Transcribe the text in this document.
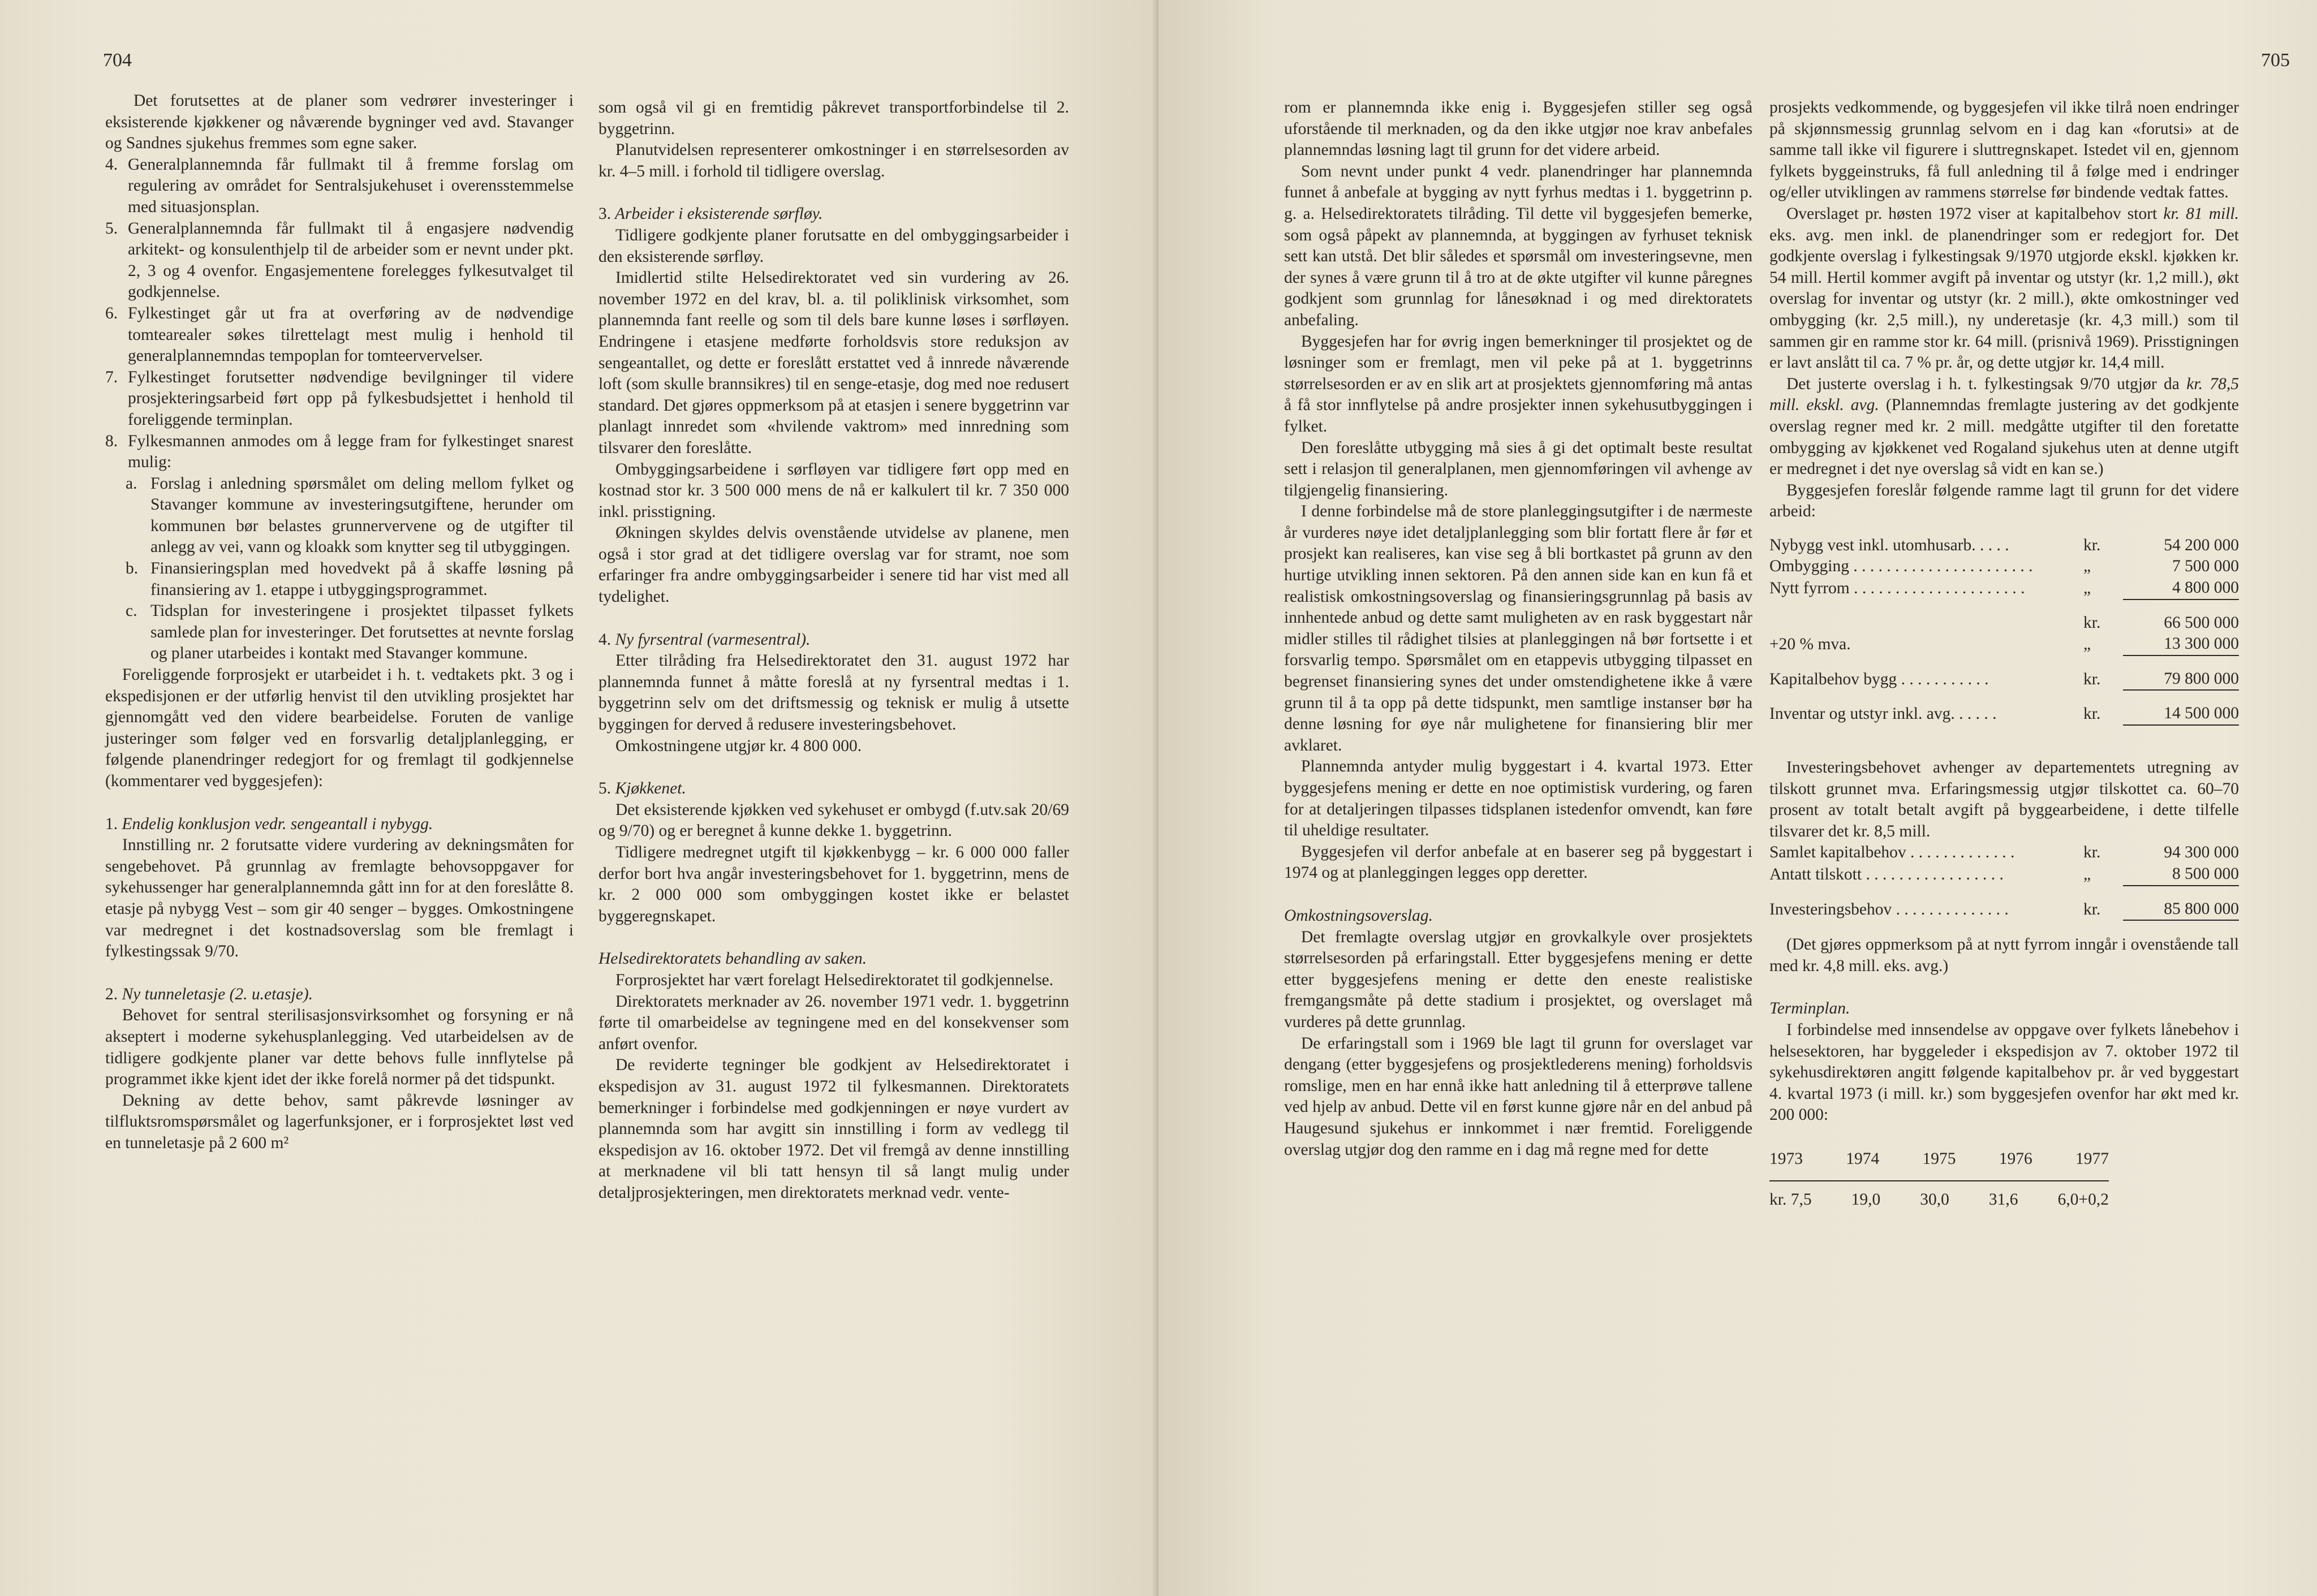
704

Det forutsettes at de planer som vedrører investeringer i eksisterende kjøkkener og nåværende bygninger ved avd. Stavanger og Sandnes sjukehus fremmes som egne saker.

4. Generalplannemnda får fullmakt til å fremme forslag om regulering av området for Sentralsjukehuset i overensstemmelse med situasjonsplan.
5. Generalplannemnda får fullmakt til å engasjere nødvendig arkitekt- og konsulenthjelp til de arbeider som er nevnt under pkt. 2, 3 og 4 ovenfor. Engasjementene forelegges fylkesutvalget til godkjennelse.
6. Fylkestinget går ut fra at overføring av de nødvendige tomtearealer søkes tilrettelagt mest mulig i henhold til generalplannemndas tempoplan for tomteervervelser.
7. Fylkestinget forutsetter nødvendige bevilgninger til videre prosjekteringsarbeid ført opp på fylkesbudsjettet i henhold til foreliggende terminplan.
8. Fylkesmannen anmodes om å legge fram for fylkestinget snarest mulig:
a. Forslag i anledning spørsmålet om deling mellom fylket og Stavanger kommune av investeringsutgiftene, herunder om kommunen bør belastes grunnervervene og de utgifter til anlegg av vei, vann og kloakk som knytter seg til utbyggingen.
b. Finansieringsplan med hovedvekt på å skaffe løsning på finansiering av 1. etappe i utbyggingsprogrammet.
c. Tidsplan for investeringene i prosjektet tilpasset fylkets samlede plan for investeringer. Det forutsettes at nevnte forslag og planer utarbeides i kontakt med Stavanger kommune.

Foreliggende forprosjekt er utarbeidet i h. t. vedtakets pkt. 3 og i ekspedisjonen er der utførlig henvist til den utvikling prosjektet har gjennomgått ved den videre bearbeidelse. Foruten de vanlige justeringer som følger ved en forsvarlig detaljplanlegging, er følgende planendringer redegjort for og fremlagt til godkjennelse (kommentarer ved byggesjefen):

1. Endelig konklusjon vedr. sengeantall i nybygg.

Innstilling nr. 2 forutsatte videre vurdering av dekningsmåten for sengebehovet. På grunnlag av fremlagte behovsoppgaver for sykehussenger har generalplannemnda gått inn for at den foreslåtte 8. etasje på nybygg Vest – som gir 40 senger – bygges. Omkostningene var medregnet i det kostnadsoverslag som ble fremlagt i fylkestingssak 9/70.

2. Ny tunneletasje (2. u.etasje).

Behovet for sentral sterilisasjonsvirksomhet og forsyning er nå akseptert i moderne sykehusplanlegging. Ved utarbeidelsen av de tidligere godkjente planer var dette behovs fulle innflytelse på programmet ikke kjent idet der ikke forelå normer på det tidspunkt.

Dekning av dette behov, samt påkrevde løsninger av tilfluktsromspørsmålet og lagerfunksjoner, er i forprosjektet løst ved en tunneletasje på 2 600 m²

som også vil gi en fremtidig påkrevet transportforbindelse til 2. byggetrinn.

Planutvidelsen representerer omkostninger i en størrelsesorden av kr. 4–5 mill. i forhold til tidligere overslag.

3. Arbeider i eksisterende sørfløy.

Tidligere godkjente planer forutsatte en del ombyggingsarbeider i den eksisterende sørfløy.

Imidlertid stilte Helsedirektoratet ved sin vurdering av 26. november 1972 en del krav, bl. a. til poliklinisk virksomhet, som plannemnda fant reelle og som til dels bare kunne løses i sørfløyen. Endringene i etasjene medførte forholdsvis store reduksjon av sengeantallet, og dette er foreslått erstattet ved å innrede nåværende loft (som skulle brannsikres) til en senge-etasje, dog med noe redusert standard. Det gjøres oppmerksom på at etasjen i senere byggetrinn var planlagt innredet som «hvilende vaktrom» med innredning som tilsvarer den foreslåtte.

Ombyggingsarbeidene i sørfløyen var tidligere ført opp med en kostnad stor kr. 3 500 000 mens de nå er kalkulert til kr. 7 350 000 inkl. prisstigning.

Økningen skyldes delvis ovenstående utvidelse av planene, men også i stor grad at det tidligere overslag var for stramt, noe som erfaringer fra andre ombyggingsarbeider i senere tid har vist med all tydelighet.

4. Ny fyrsentral (varmesentral).

Etter tilråding fra Helsedirektoratet den 31. august 1972 har plannemnda funnet å måtte foreslå at ny fyrsentral medtas i 1. byggetrinn selv om det driftsmessig og teknisk er mulig å utsette byggingen for derved å redusere investeringsbehovet.

Omkostningene utgjør kr. 4 800 000.

5. Kjøkkenet.

Det eksisterende kjøkken ved sykehuset er ombygd (f.utv.sak 20/69 og 9/70) og er beregnet å kunne dekke 1. byggetrinn.

Tidligere medregnet utgift til kjøkkenbygg – kr. 6 000 000 faller derfor bort hva angår investeringsbehovet for 1. byggetrinn, mens de kr. 2 000 000 som ombyggingen kostet ikke er belastet byggeregnskapet.

Helsedirektoratets behandling av saken.

Forprosjektet har vært forelagt Helsedirektoratet til godkjennelse.

Direktoratets merknader av 26. november 1971 vedr. 1. byggetrinn førte til omarbeidelse av tegningene med en del konsekvenser som anført ovenfor.

De reviderte tegninger ble godkjent av Helsedirektoratet i ekspedisjon av 31. august 1972 til fylkesmannen. Direktoratets bemerkninger i forbindelse med godkjenningen er nøye vurdert av plannemnda som har avgitt sin innstilling i form av vedlegg til ekspedisjon av 16. oktober 1972. Det vil fremgå av denne innstilling at merknadene vil bli tatt hensyn til så langt mulig under detaljprosjekteringen, men direktoratets merknad vedr. vente-

705

rom er plannemnda ikke enig i. Byggesjefen stiller seg også uforstående til merknaden, og da den ikke utgjør noe krav anbefales plannemndas løsning lagt til grunn for det videre arbeid.

Som nevnt under punkt 4 vedr. planendringer har plannemnda funnet å anbefale at bygging av nytt fyrhus medtas i 1. byggetrinn p. g. a. Helsedirektoratets tilråding. Til dette vil byggesjefen bemerke, som også påpekt av plannemnda, at byggingen av fyrhuset teknisk sett kan utstå. Det blir således et spørsmål om investeringsevne, men der synes å være grunn til å tro at de økte utgifter vil kunne påregnes godkjent som grunnlag for lånesøknad i og med direktoratets anbefaling.

Byggesjefen har for øvrig ingen bemerkninger til prosjektet og de løsninger som er fremlagt, men vil peke på at 1. byggetrinns størrelsesorden er av en slik art at prosjektets gjennomføring må antas å få stor innflytelse på andre prosjekter innen sykehusutbyggingen i fylket.

Den foreslåtte utbygging må sies å gi det optimalt beste resultat sett i relasjon til generalplanen, men gjennomføringen vil avhenge av tilgjengelig finansiering.

I denne forbindelse må de store planleggingsutgifter i de nærmeste år vurderes nøye idet detaljplanlegging som blir fortatt flere år før et prosjekt kan realiseres, kan vise seg å bli bortkastet på grunn av den hurtige utvikling innen sektoren. På den annen side kan en kun få et realistisk omkostningsoverslag og finansieringsgrunnlag på basis av innhentede anbud og dette samt muligheten av en rask byggestart når midler stilles til rådighet tilsies at planleggingen nå bør fortsette i et forsvarlig tempo. Spørsmålet om en etappevis utbygging tilpasset en begrenset finansiering synes det under omstendighetene ikke å være grunn til å ta opp på dette tidspunkt, men samtlige instanser bør ha denne løsning for øye når mulighetene for finansiering blir mer avklaret.

Plannemnda antyder mulig byggestart i 4. kvartal 1973. Etter byggesjefens mening er dette en noe optimistisk vurdering, og faren for at detaljeringen tilpasses tidsplanen istedenfor omvendt, kan føre til uheldige resultater.

Byggesjefen vil derfor anbefale at en baserer seg på byggestart i 1974 og at planleggingen legges opp deretter.

Omkostningsoverslag.

Det fremlagte overslag utgjør en grovkalkyle over prosjektets størrelsesorden på erfaringstall. Etter byggesjefens mening er dette etter byggesjefens mening er dette den eneste realistiske fremgangsmåte på dette stadium i prosjektet, og overslaget må vurderes på dette grunnlag.

De erfaringstall som i 1969 ble lagt til grunn for overslaget var dengang (etter byggesjefens og prosjektlederens mening) forholdsvis romslige, men en har ennå ikke hatt anledning til å etterprøve tallene ved hjelp av anbud. Dette vil en først kunne gjøre når en del anbud på Haugesund sjukehus er innkommet i nær fremtid. Foreliggende overslag utgjør dog den ramme en i dag må regne med for dette

prosjekts vedkommende, og byggesjefen vil ikke tilrå noen endringer på skjønnsmessig grunnlag selvom en i dag kan «forutsi» at de samme tall ikke vil figurere i sluttregnskapet. Istedet vil en, gjennom fylkets byggeinstruks, få full anledning til å følge med i endringer og/eller utviklingen av rammens størrelse før bindende vedtak fattes.

Overslaget pr. høsten 1972 viser at kapitalbehov stort kr. 81 mill. eks. avg. men inkl. de planendringer som er redegjort for. Det godkjente overslag i fylkestingsak 9/1970 utgjorde ekskl. kjøkken kr. 54 mill. Hertil kommer avgift på inventar og utstyr (kr. 1,2 mill.), økt overslag for inventar og utstyr (kr. 2 mill.), økte omkostninger ved ombygging (kr. 2,5 mill.), ny underetasje (kr. 4,3 mill.) som til sammen gir en ramme stor kr. 64 mill. (prisnivå 1969). Prisstigningen er lavt anslått til ca. 7 % pr. år, og dette utgjør kr. 14,4 mill.

Det justerte overslag i h. t. fylkestingsak 9/70 utgjør da kr. 78,5 mill. ekskl. avg. (Plannemndas fremlagte justering av det godkjente overslag regner med kr. 2 mill. medgåtte utgifter til den foretatte ombygging av kjøkkenet ved Rogaland sjukehus uten at denne utgift er medregnet i det nye overslag så vidt en kan se.)

Byggesjefen foreslår følgende ramme lagt til grunn for det videre arbeid:

Nybygg vest inkl. utomhusarb. . . . .	kr.	54 200 000
Ombygging . . . . . . . . . . . . . . . . . . . . . .	„	7 500 000
Nytt fyrrom . . . . . . . . . . . . . . . . . . . . .	„	4 800 000

	kr.	66 500 000
+20 % mva.	„	13 300 000

Kapitalbehov bygg . . . . . . . . . . .	kr.	79 800 000

Inventar og utstyr inkl. avg. . . . . .	kr.	14 500 000

Investeringsbehovet avhenger av departementets utregning av tilskott grunnet mva. Erfaringsmessig utgjør tilskottet ca. 60–70 prosent av totalt betalt avgift på byggearbeidene, i dette tilfelle tilsvarer det kr. 8,5 mill.

Samlet kapitalbehov . . . . . . . . . . . . .	kr.	94 300 000
Antatt tilskott . . . . . . . . . . . . . . . . .	„	8 500 000

Investeringsbehov . . . . . . . . . . . . . .	kr.	85 800 000

(Det gjøres oppmerksom på at nytt fyrrom inngår i ovenstående tall med kr. 4,8 mill. eks. avg.)

Terminplan.

I forbindelse med innsendelse av oppgave over fylkets lånebehov i helsesektoren, har byggeleder i ekspedisjon av 7. oktober 1972 til sykehusdirektøren angitt følgende kapitalbehov pr. år ved byggestart 4. kvartal 1973 (i mill. kr.) som byggesjefen ovenfor har økt med kr. 200 000:

1973	1974	1975	1976	1977
kr. 7,5 19,0 30,0 31,6 6,0+0,2
